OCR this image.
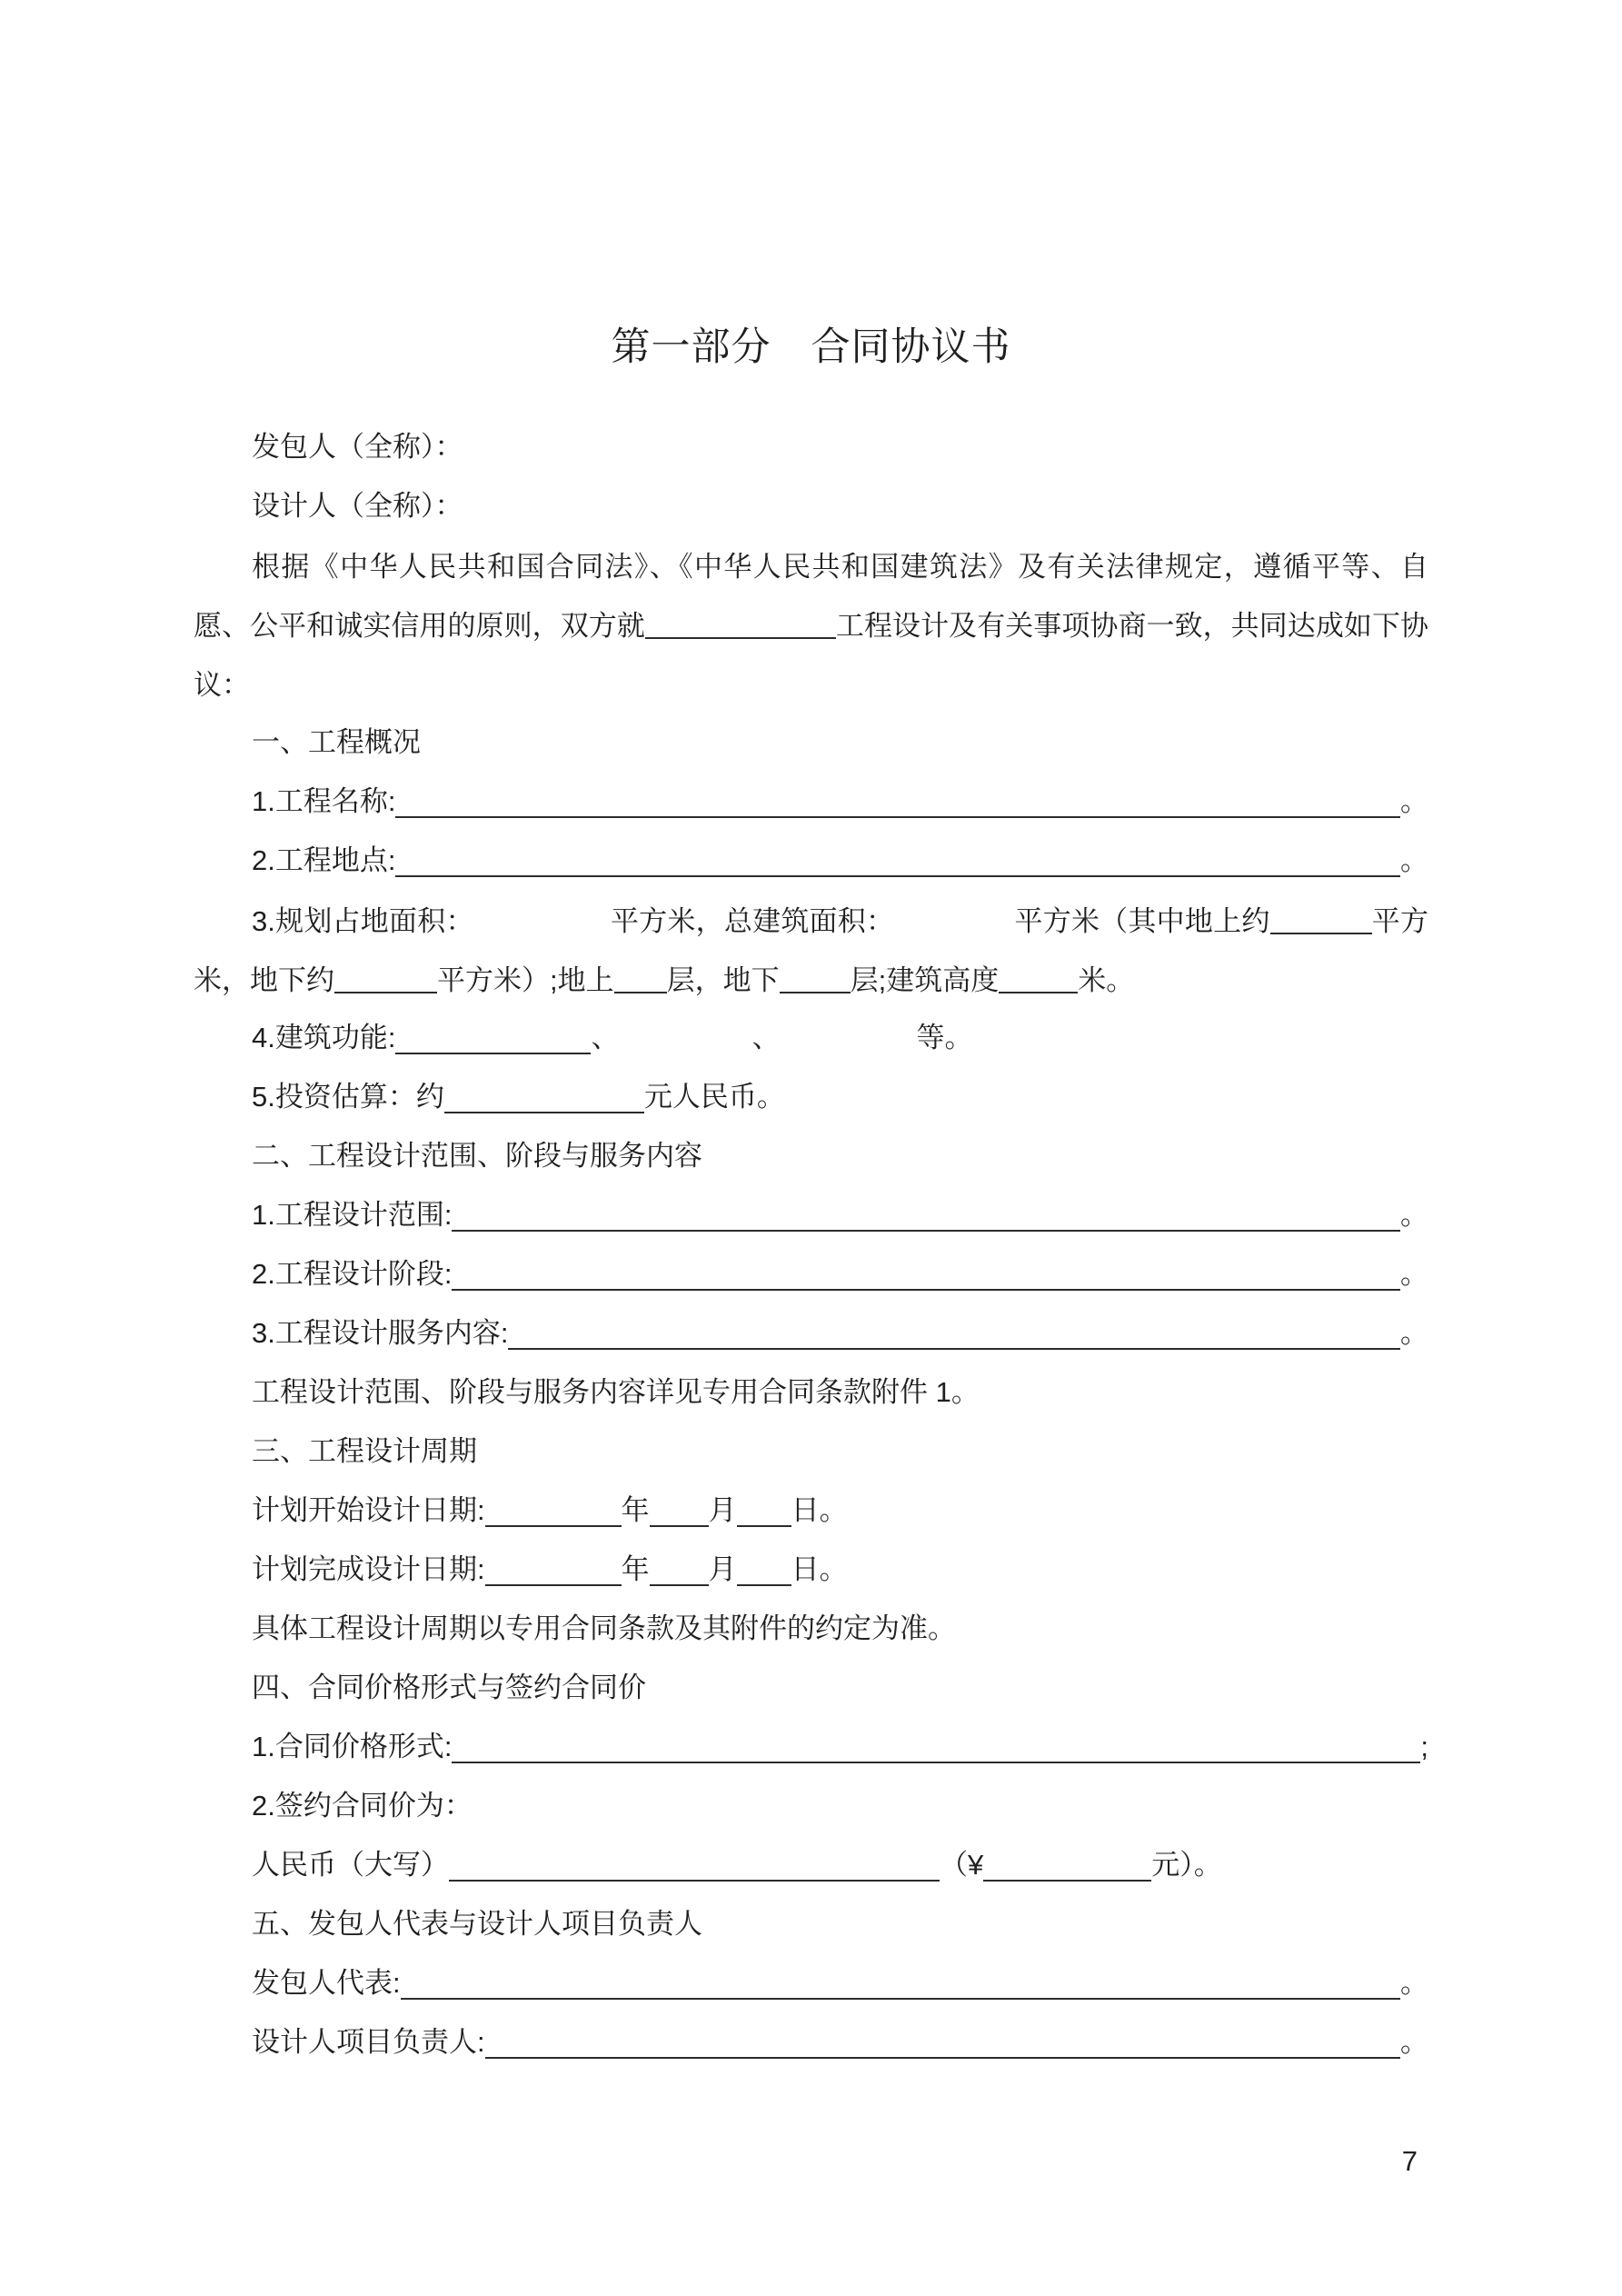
第一部分　合同协议书
发包人（全称）：
设计人（全称）：
根据《中华人民共和国合同法》、《中华人民共和国建筑法》及有关法律规定，遵循平等、自愿、公平和诚实信用的原则，双方就	工程设计及有关事项协商一致，共同达成如下协议：
一、工程概况
1.工程名称:	。
2.工程地点:	。
3.规划占地面积：	平方米，总建筑面积：	平方米（其中地上约	平方米，地下约	平方米）;地上 层，地下	层;建筑高度	米。
4.建筑功能:	、	、	等。
5.投资估算：约	元人民币。
二、工程设计范围、阶段与服务内容
1.工程设计范围:	。
2.工程设计阶段:	。
3.工程设计服务内容:	。
工程设计范围、阶段与服务内容详见专用合同条款附件 1。
三、工程设计周期
计划开始设计日期:	年 月 日。
计划完成设计日期:	年 月 日。
具体工程设计周期以专用合同条款及其附件的约定为准。
四、合同价格形式与签约合同价
1.合同价格形式:	;
2.签约合同价为：
人民币（大写）	（¥	元）。
五、发包人代表与设计人项目负责人
发包人代表:	。
设计人项目负责人:	。
7
